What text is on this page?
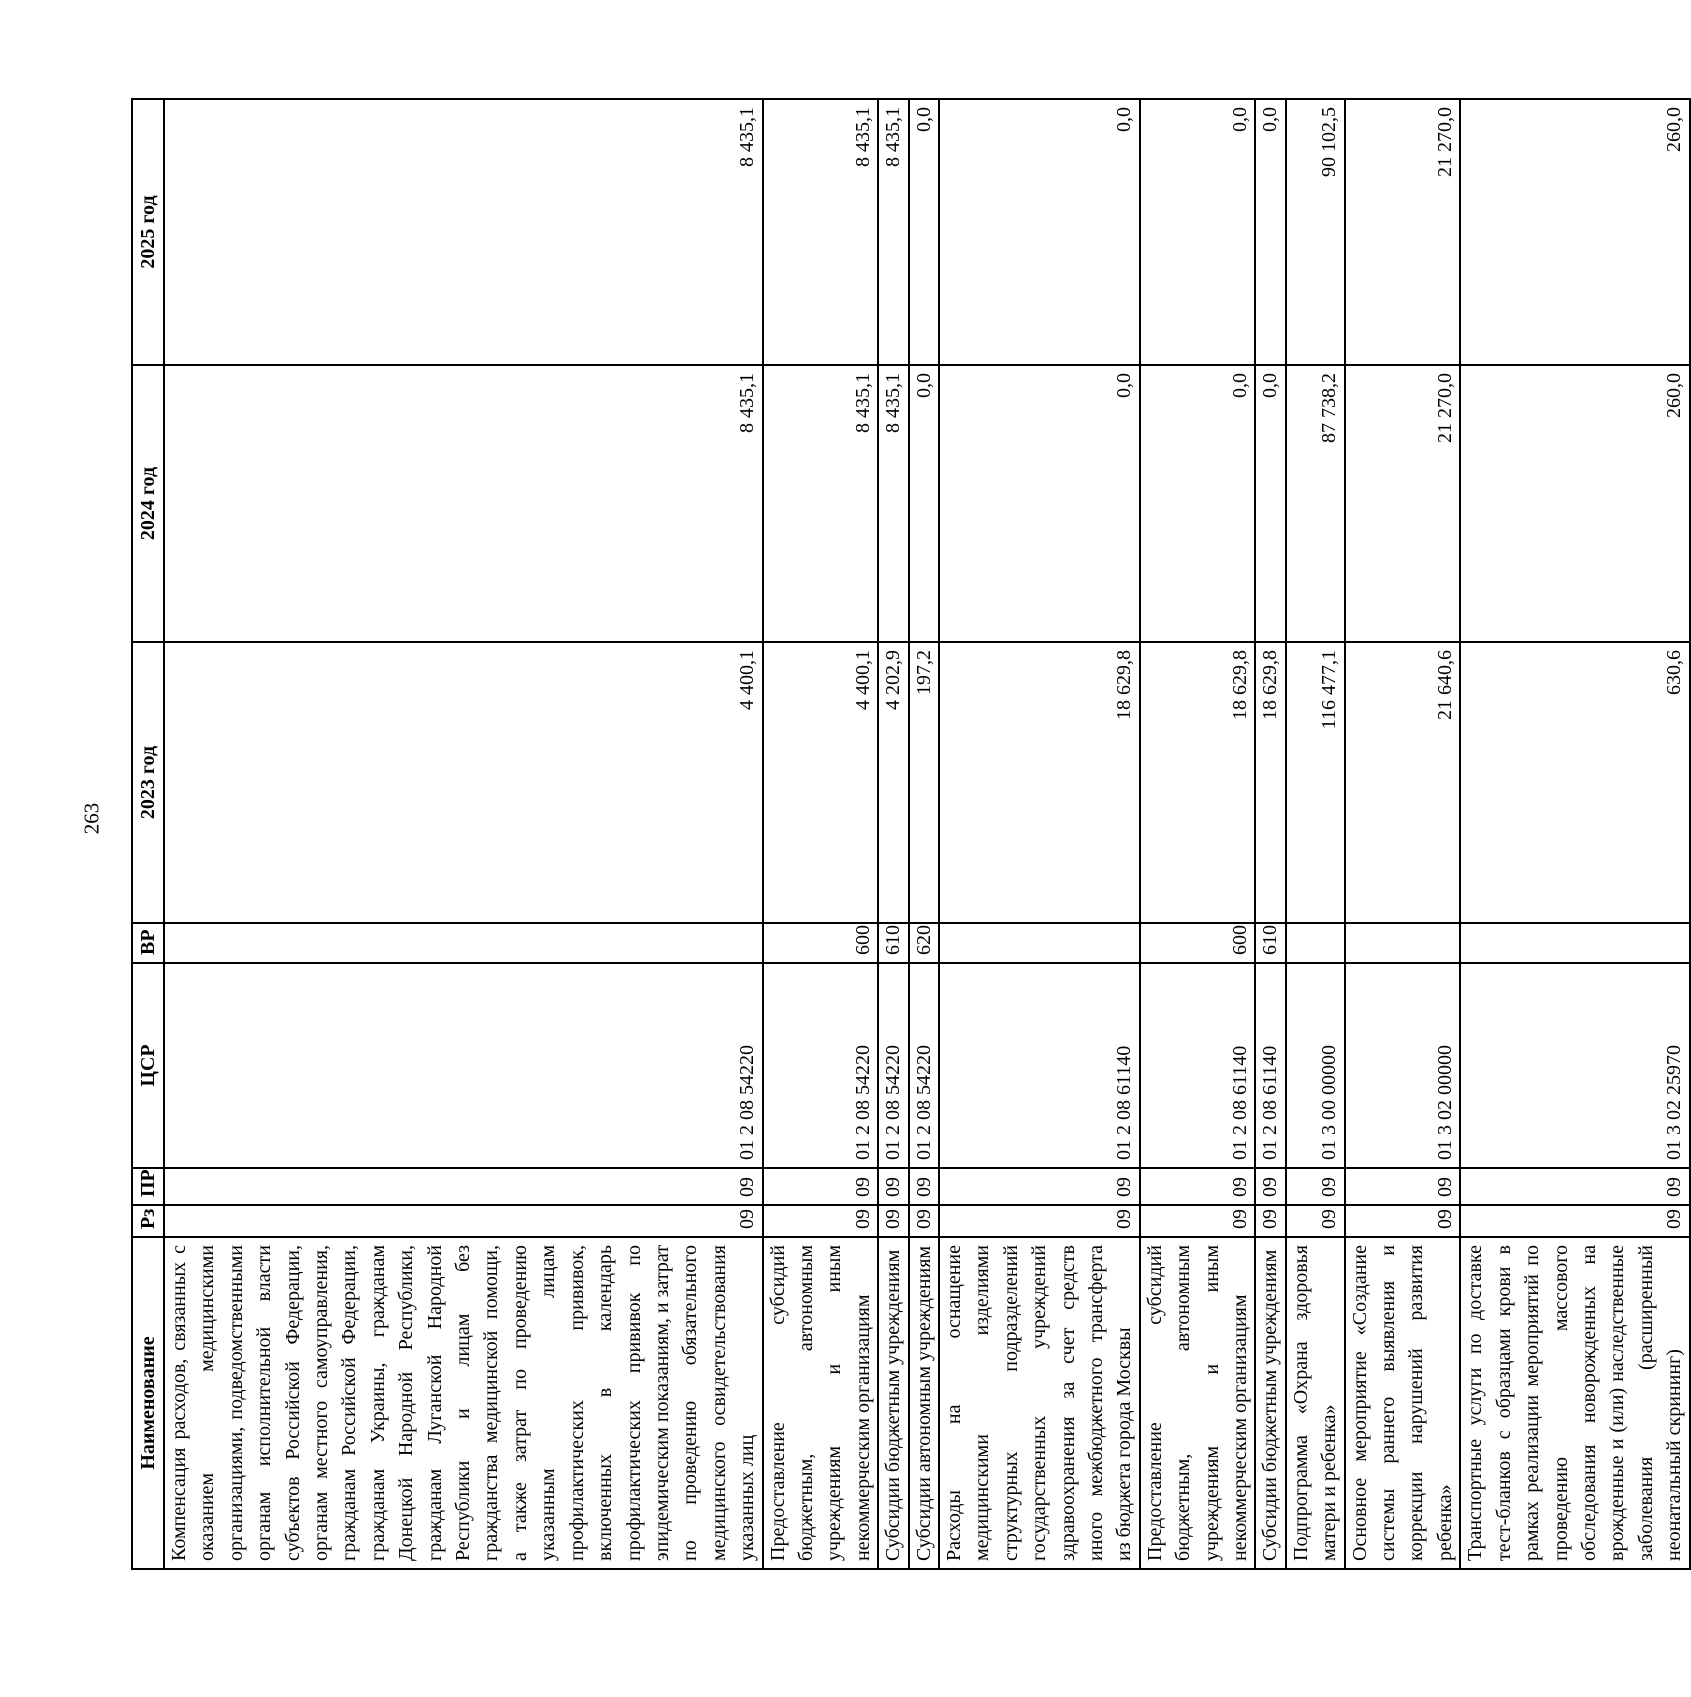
263
Наименование	Рз	ПР	ЦСР	ВР	2023 год	2024 год	2025 год
Компенсация расходов, связанных с оказанием медицинскими организациями, подведомственными органам исполнительной власти субъектов Российской Федерации, органам местного самоуправления, гражданам Российской Федерации, гражданам Украины, гражданам Донецкой Народной Республики, гражданам Луганской Народной Республики и лицам без гражданства медицинской помощи, а также затрат по проведению указанным лицам профилактических прививок, включенных в календарь профилактических прививок по эпидемическим показаниям, и затрат по проведению обязательного медицинского освидетельствования указанных лиц	09	09	01 2 08 54220		4 400,1	8 435,1	8 435,1
Предоставление субсидий бюджетным, автономным учреждениям и иным некоммерческим организациям	09	09	01 2 08 54220	600	4 400,1	8 435,1	8 435,1
Субсидии бюджетным учреждениям	09	09	01 2 08 54220	610	4 202,9	8 435,1	8 435,1
Субсидии автономным учреждениям	09	09	01 2 08 54220	620	197,2	0,0	0,0
Расходы на оснащение медицинскими изделиями структурных подразделений государственных учреждений здравоохранения за счет средств иного межбюджетного трансферта из бюджета города Москвы	09	09	01 2 08 61140		18 629,8	0,0	0,0
Предоставление субсидий бюджетным, автономным учреждениям и иным некоммерческим организациям	09	09	01 2 08 61140	600	18 629,8	0,0	0,0
Субсидии бюджетным учреждениям	09	09	01 2 08 61140	610	18 629,8	0,0	0,0
Подпрограмма «Охрана здоровья матери и ребенка»	09	09	01 3 00 00000		116 477,1	87 738,2	90 102,5
Основное мероприятие «Создание системы раннего выявления и коррекции нарушений развития ребенка»	09	09	01 3 02 00000		21 640,6	21 270,0	21 270,0
Транспортные услуги по доставке тест-бланков с образцами крови в рамках реализации мероприятий по проведению массового обследования новорожденных на врожденные и (или) наследственные заболевания (расширенный неонатальный скрининг)	09	09	01 3 02 25970		630,6	260,0	260,0
